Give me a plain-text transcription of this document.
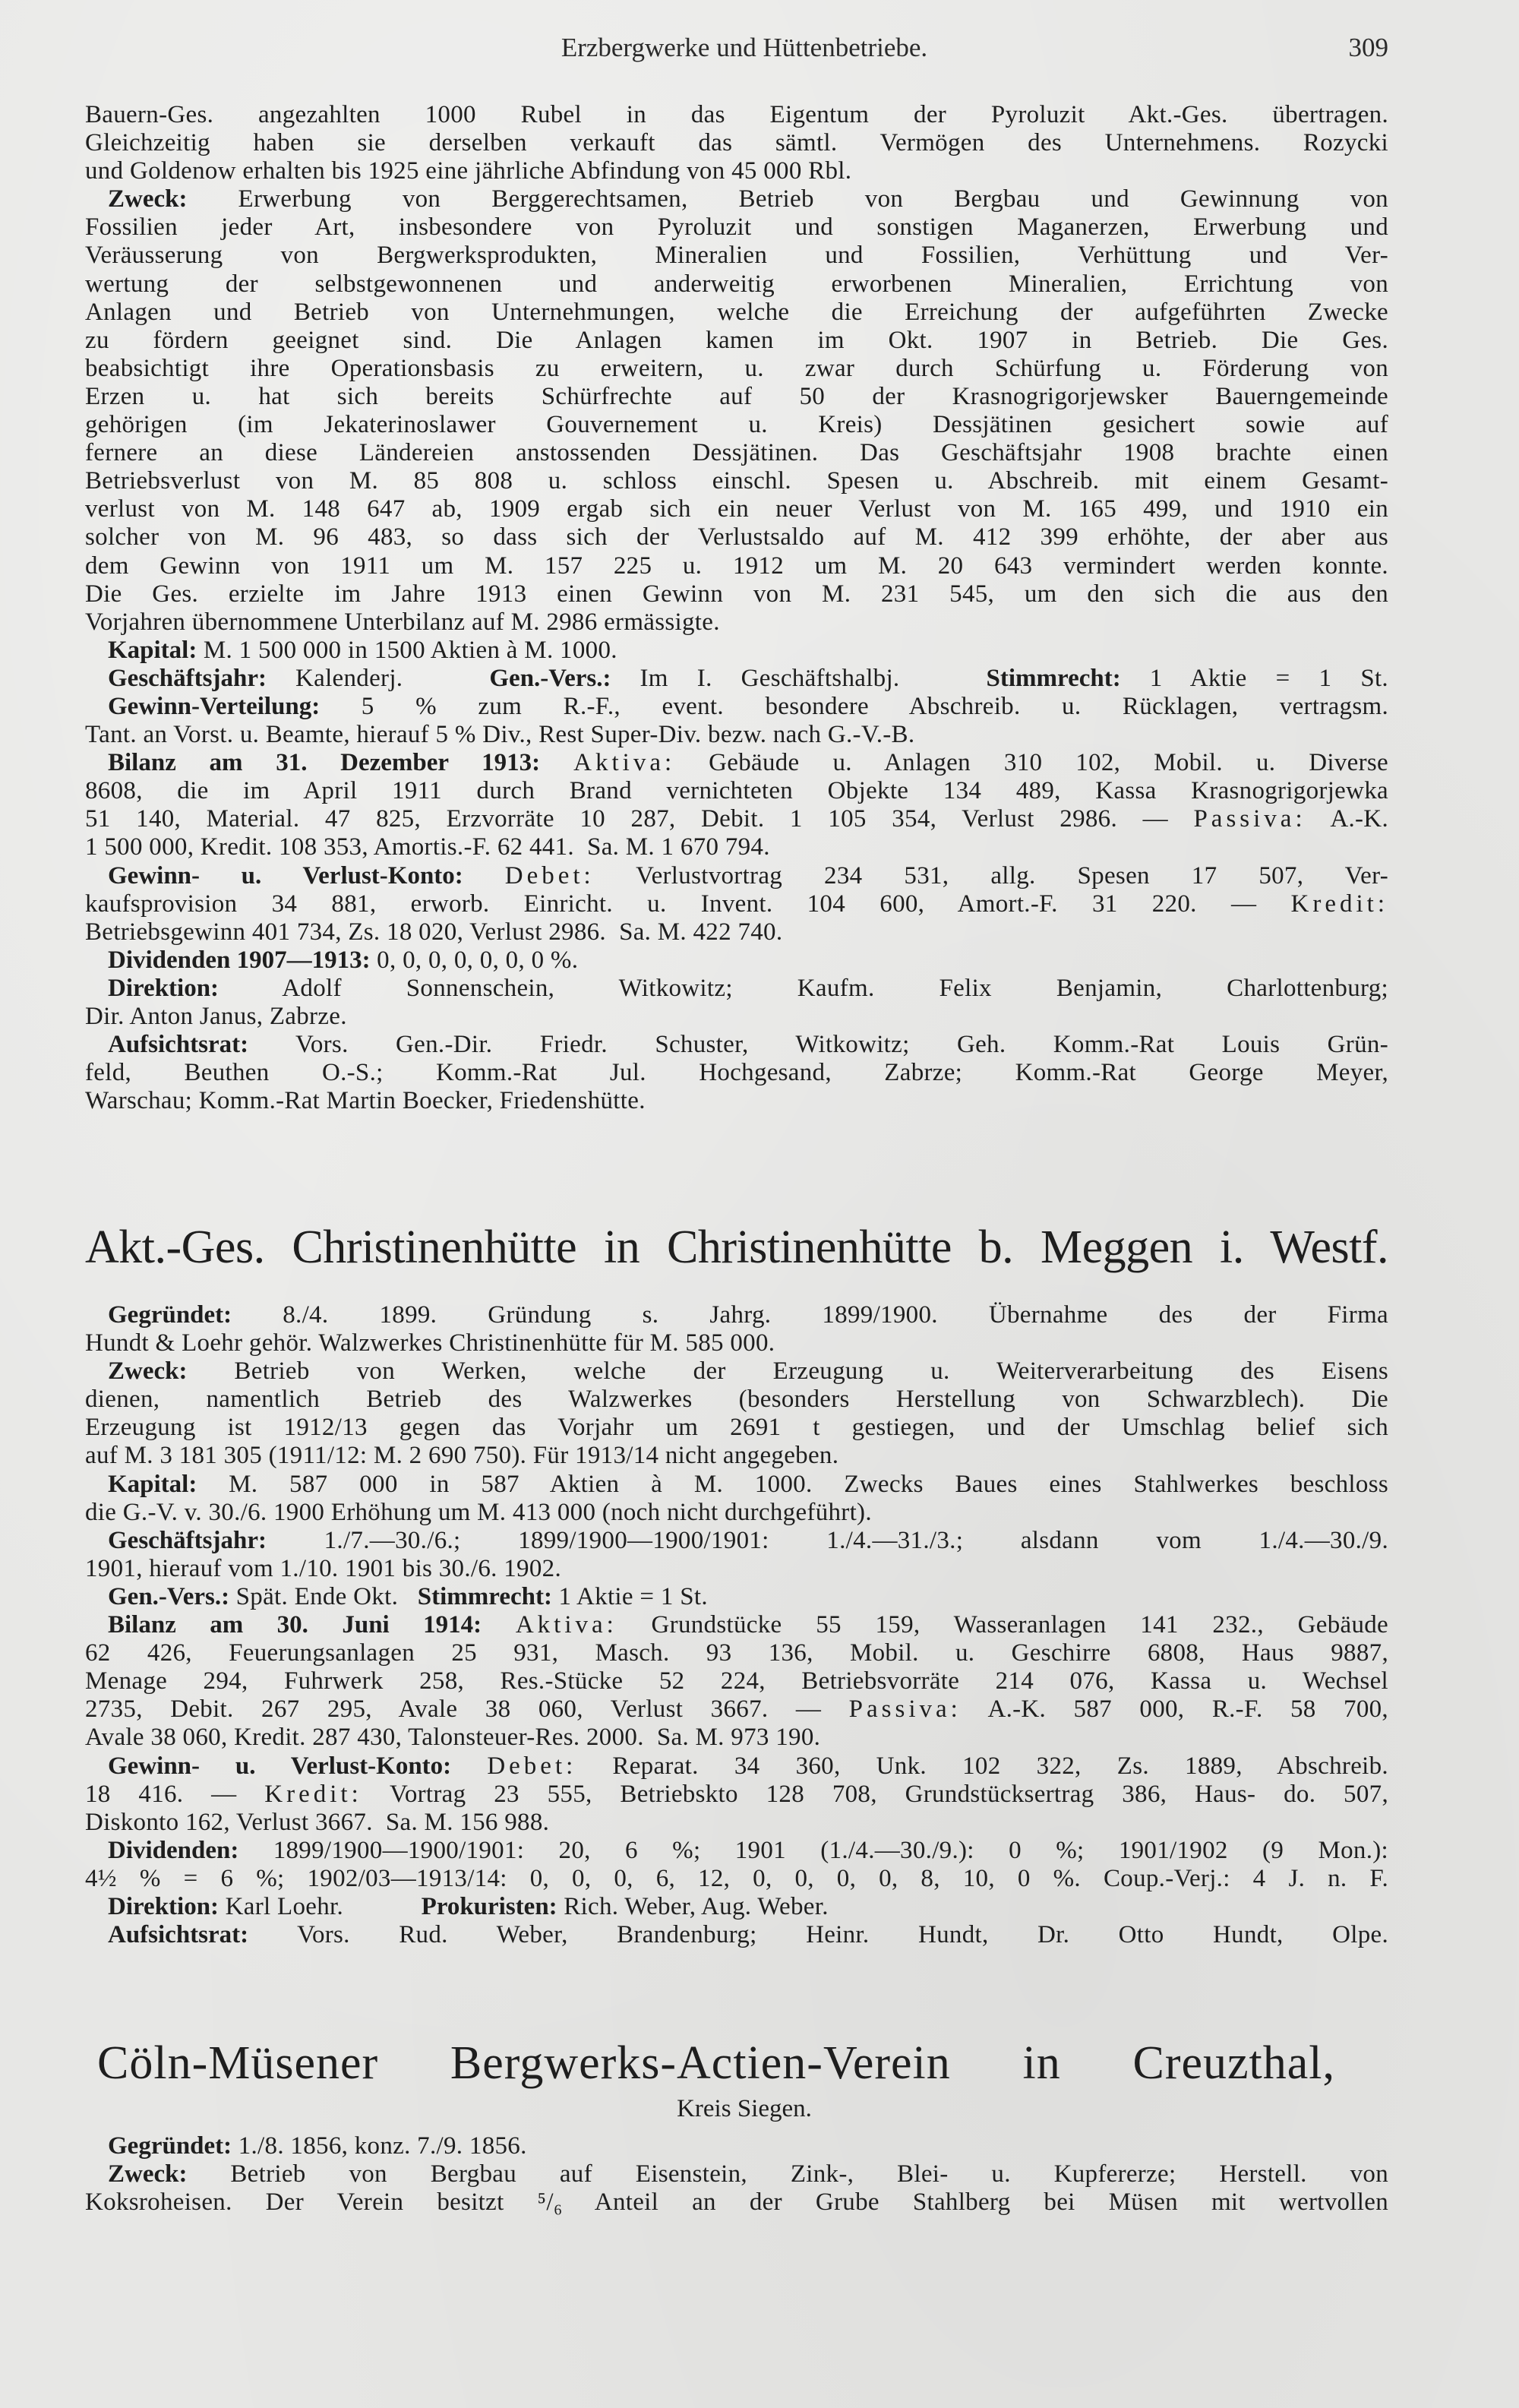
Erzbergwerke und Hüttenbetriebe.	309
Bauern-Ges. angezahlten 1000 Rubel in das Eigentum der Pyroluzit Akt.-Ges. übertragen.
Gleichzeitig haben sie derselben verkauft das sämtl. Vermögen des Unternehmens. Rozycki
und Goldenow erhalten bis 1925 eine jährliche Abfindung von 45 000 Rbl.
Zweck: Erwerbung von Berggerechtsamen, Betrieb von Bergbau und Gewinnung von
Fossilien jeder Art, insbesondere von Pyroluzit und sonstigen Maganerzen, Erwerbung und
Veräusserung von Bergwerksprodukten, Mineralien und Fossilien, Verhüttung und Ver-
wertung der selbstgewonnenen und anderweitig erworbenen Mineralien, Errichtung von
Anlagen und Betrieb von Unternehmungen, welche die Erreichung der aufgeführten Zwecke
zu fördern geeignet sind. Die Anlagen kamen im Okt. 1907 in Betrieb. Die Ges.
beabsichtigt ihre Operationsbasis zu erweitern, u. zwar durch Schürfung u. Förderung von
Erzen u. hat sich bereits Schürfrechte auf 50 der Krasnogrigorjewsker Bauerngemeinde
gehörigen (im Jekaterinoslawer Gouvernement u. Kreis) Dessjätinen gesichert sowie auf
fernere an diese Ländereien anstossenden Dessjätinen. Das Geschäftsjahr 1908 brachte einen
Betriebsverlust von M. 85 808 u. schloss einschl. Spesen u. Abschreib. mit einem Gesamt-
verlust von M. 148 647 ab, 1909 ergab sich ein neuer Verlust von M. 165 499, und 1910 ein
solcher von M. 96 483, so dass sich der Verlustsaldo auf M. 412 399 erhöhte, der aber aus
dem Gewinn von 1911 um M. 157 225 u. 1912 um M. 20 643 vermindert werden konnte.
Die Ges. erzielte im Jahre 1913 einen Gewinn von M. 231 545, um den sich die aus den
Vorjahren übernommene Unterbilanz auf M. 2986 ermässigte.
Kapital: M. 1 500 000 in 1500 Aktien à M. 1000.
Geschäftsjahr: Kalenderj.   Gen.-Vers.: Im I. Geschäftshalbj.   Stimmrecht: 1 Aktie = 1 St.
Gewinn-Verteilung: 5 % zum R.-F., event. besondere Abschreib. u. Rücklagen, vertragsm.
Tant. an Vorst. u. Beamte, hierauf 5 % Div., Rest Super-Div. bezw. nach G.-V.-B.
Bilanz am 31. Dezember 1913: Aktiva: Gebäude u. Anlagen 310 102, Mobil. u. Diverse
8608, die im April 1911 durch Brand vernichteten Objekte 134 489, Kassa Krasnogrigorjewka
51 140, Material. 47 825, Erzvorräte 10 287, Debit. 1 105 354, Verlust 2986. — Passiva: A.-K.
1 500 000, Kredit. 108 353, Amortis.-F. 62 441.  Sa. M. 1 670 794.
Gewinn- u. Verlust-Konto: Debet: Verlustvortrag 234 531, allg. Spesen 17 507, Ver-
kaufsprovision 34 881, erworb. Einricht. u. Invent. 104 600, Amort.-F. 31 220. — Kredit:
Betriebsgewinn 401 734, Zs. 18 020, Verlust 2986.  Sa. M. 422 740.
Dividenden 1907—1913: 0, 0, 0, 0, 0, 0, 0 %.
Direktion: Adolf Sonnenschein, Witkowitz; Kaufm. Felix Benjamin, Charlottenburg;
Dir. Anton Janus, Zabrze.
Aufsichtsrat: Vors. Gen.-Dir. Friedr. Schuster, Witkowitz; Geh. Komm.-Rat Louis Grün-
feld, Beuthen O.-S.; Komm.-Rat Jul. Hochgesand, Zabrze; Komm.-Rat George Meyer,
Warschau; Komm.-Rat Martin Boecker, Friedenshütte.
Akt.-Ges. Christinenhütte in Christinenhütte b. Meggen i. Westf.
Gegründet: 8./4. 1899. Gründung s. Jahrg. 1899/1900. Übernahme des der Firma
Hundt & Loehr gehör. Walzwerkes Christinenhütte für M. 585 000.
Zweck: Betrieb von Werken, welche der Erzeugung u. Weiterverarbeitung des Eisens
dienen, namentlich Betrieb des Walzwerkes (besonders Herstellung von Schwarzblech). Die
Erzeugung ist 1912/13 gegen das Vorjahr um 2691 t gestiegen, und der Umschlag belief sich
auf M. 3 181 305 (1911/12: M. 2 690 750). Für 1913/14 nicht angegeben.
Kapital: M. 587 000 in 587 Aktien à M. 1000. Zwecks Baues eines Stahlwerkes beschloss
die G.-V. v. 30./6. 1900 Erhöhung um M. 413 000 (noch nicht durchgeführt).
Geschäftsjahr: 1./7.—30./6.; 1899/1900—1900/1901: 1./4.—31./3.; alsdann vom 1./4.—30./9.
1901, hierauf vom 1./10. 1901 bis 30./6. 1902.
Gen.-Vers.: Spät. Ende Okt.   Stimmrecht: 1 Aktie = 1 St.
Bilanz am 30. Juni 1914: Aktiva: Grundstücke 55 159, Wasseranlagen 141 232., Gebäude
62 426, Feuerungsanlagen 25 931, Masch. 93 136, Mobil. u. Geschirre 6808, Haus 9887,
Menage 294, Fuhrwerk 258, Res.-Stücke 52 224, Betriebsvorräte 214 076, Kassa u. Wechsel
2735, Debit. 267 295, Avale 38 060, Verlust 3667. — Passiva: A.-K. 587 000, R.-F. 58 700,
Avale 38 060, Kredit. 287 430, Talonsteuer-Res. 2000.  Sa. M. 973 190.
Gewinn- u. Verlust-Konto: Debet: Reparat. 34 360, Unk. 102 322, Zs. 1889, Abschreib.
18 416. — Kredit: Vortrag 23 555, Betriebskto 128 708, Grundstücksertrag 386, Haus- do. 507,
Diskonto 162, Verlust 3667.  Sa. M. 156 988.
Dividenden: 1899/1900—1900/1901: 20, 6 %; 1901 (1./4.—30./9.): 0 %; 1901/1902 (9 Mon.):
4½ % = 6 %; 1902/03—1913/14: 0, 0, 0, 6, 12, 0, 0, 0, 0, 8, 10, 0 %. Coup.-Verj.: 4 J. n. F.
Direktion: Karl Loehr.            Prokuristen: Rich. Weber, Aug. Weber.
Aufsichtsrat: Vors. Rud. Weber, Brandenburg; Heinr. Hundt, Dr. Otto Hundt, Olpe.
Cöln-Müsener Bergwerks-Actien-Verein in Creuzthal,
Kreis Siegen.
Gegründet: 1./8. 1856, konz. 7./9. 1856.
Zweck: Betrieb von Bergbau auf Eisenstein, Zink-, Blei- u. Kupfererze; Herstell. von
Koksroheisen. Der Verein besitzt ⁵/₆ Anteil an der Grube Stahlberg bei Müsen mit wertvollen
